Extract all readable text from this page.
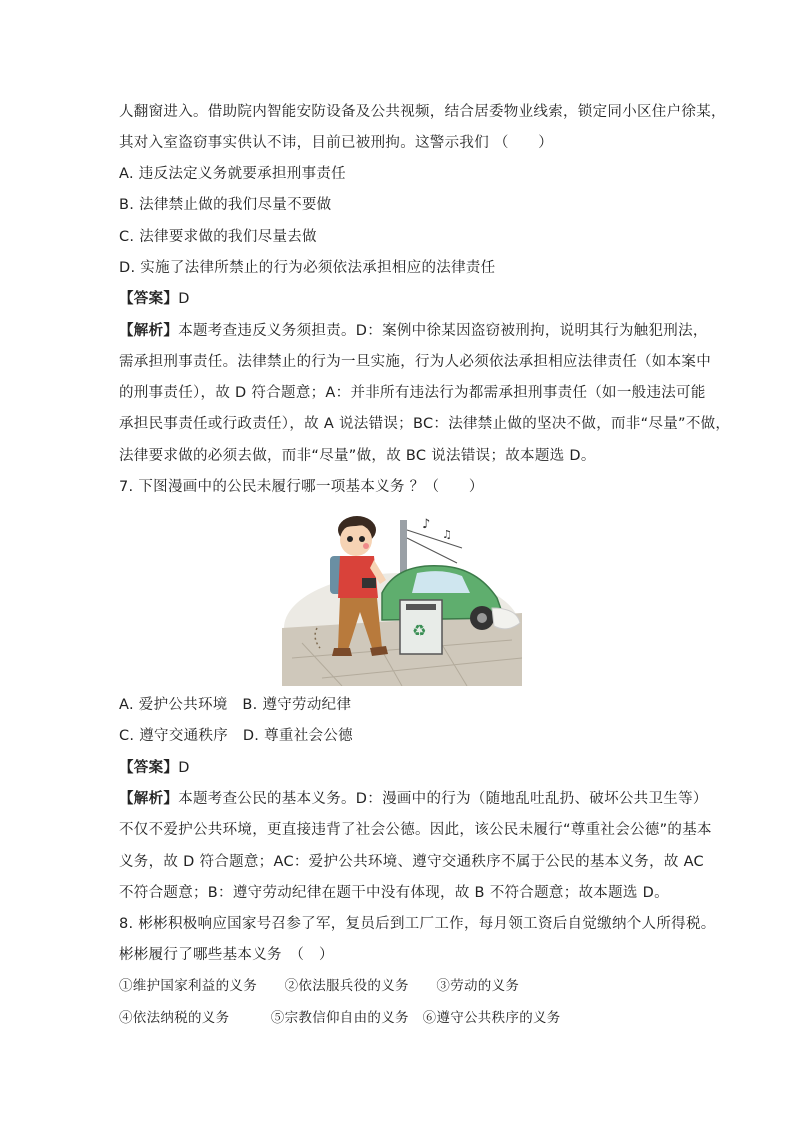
人翻窗进入。借助院内智能安防设备及公共视频，结合居委物业线索，锁定同小区住户徐某，
其对入室盗窃事实供认不讳，目前已被刑拘。这警示我们 （　　）
A. 违反法定义务就要承担刑事责任
B. 法律禁止做的我们尽量不要做
C. 法律要求做的我们尽量去做
D. 实施了法律所禁止的行为必须依法承担相应的法律责任
【答案】D
【解析】本题考查违反义务须担责。D：案例中徐某因盗窃被刑拘，说明其行为触犯刑法，
需承担刑事责任。法律禁止的行为一旦实施，行为人必须依法承担相应法律责任（如本案中
的刑事责任），故 D 符合题意；A：并非所有违法行为都需承担刑事责任（如一般违法可能
承担民事责任或行政责任），故 A 说法错误；BC：法律禁止做的坚决不做，而非“尽量”不做，
法律要求做的必须去做，而非“尽量”做，故 BC 说法错误；故本题选 D。
7. 下图漫画中的公民未履行哪一项基本义务 ？（　　）
♪
♫
♻
A. 爱护公共环境　B. 遵守劳动纪律
C. 遵守交通秩序　D. 尊重社会公德
【答案】D
【解析】本题考查公民的基本义务。D：漫画中的行为（随地乱吐乱扔、破坏公共卫生等）
不仅不爱护公共环境，更直接违背了社会公德。因此，该公民未履行“尊重社会公德”的基本
义务，故 D 符合题意；AC：爱护公共环境、遵守交通秩序不属于公民的基本义务，故 AC
不符合题意；B：遵守劳动纪律在题干中没有体现，故 B 不符合题意；故本题选 D。
8. 彬彬积极响应国家号召参了军，复员后到工厂工作，每月领工资后自觉缴纳个人所得税。
彬彬履行了哪些基本义务　（　）
①维护国家利益的义务　　②依法服兵役的义务　　③劳动的义务
④依法纳税的义务　　　⑤宗教信仰自由的义务　⑥遵守公共秩序的义务
